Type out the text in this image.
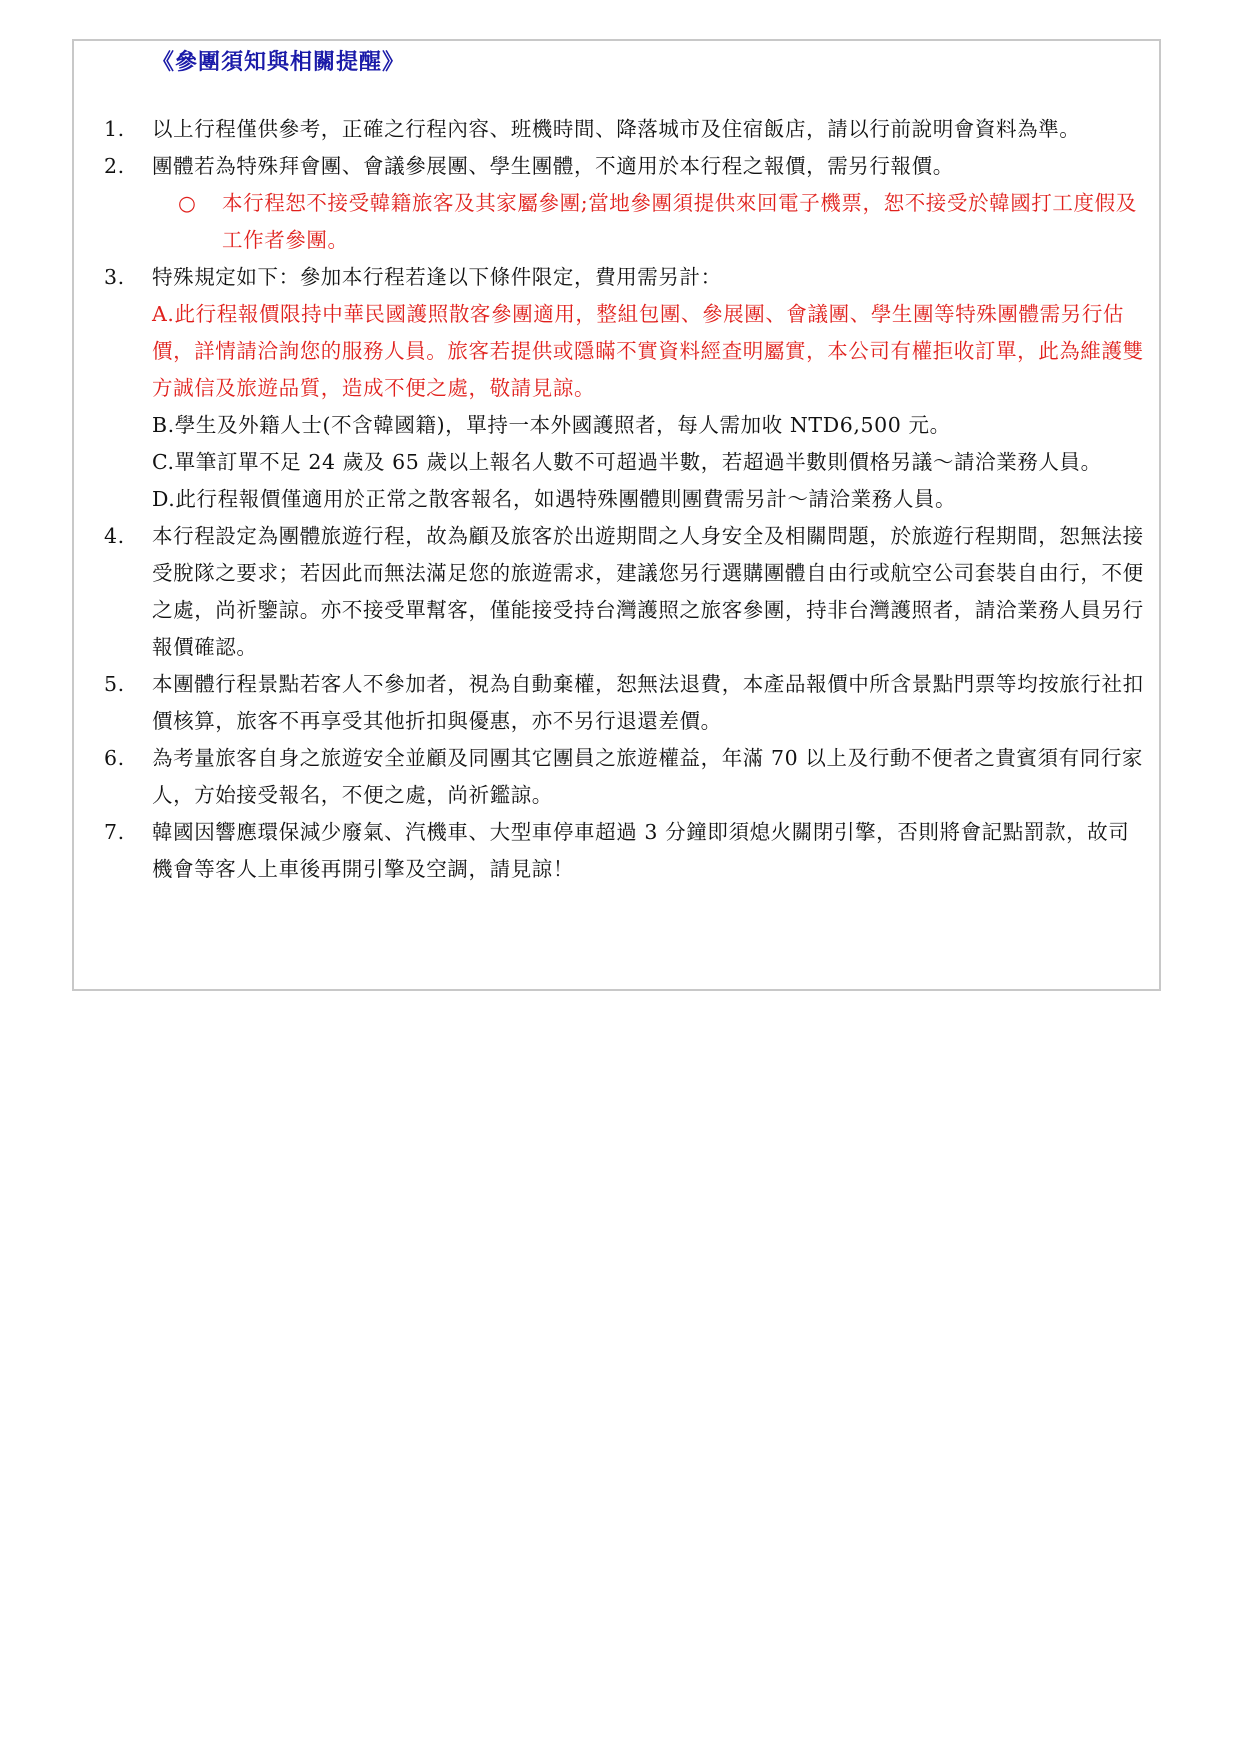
《參團須知與相關提醒》
1.	以上行程僅供參考，正確之行程內容、班機時間、降落城市及住宿飯店，請以行前說明會資料為準。
2.	團體若為特殊拜會團、會議參展團、學生團體，不適用於本行程之報價，需另行報價。
○ 本行程恕不接受韓籍旅客及其家屬參團;當地參團須提供來回電子機票，恕不接受於韓國打工度假及工作者參團。
3.	特殊規定如下：參加本行程若逢以下條件限定，費用需另計：
A.此行程報價限持中華民國護照散客參團適用，整組包團、參展團、會議團、學生團等特殊團體需另行估價，詳情請洽詢您的服務人員。旅客若提供或隱瞞不實資料經查明屬實，本公司有權拒收訂單，此為維護雙方誠信及旅遊品質，造成不便之處，敬請見諒。
B.學生及外籍人士(不含韓國籍)，單持一本外國護照者，每人需加收 NTD6,500 元。
C.單筆訂單不足 24 歲及 65 歲以上報名人數不可超過半數，若超過半數則價格另議～請洽業務人員。
D.此行程報價僅適用於正常之散客報名，如遇特殊團體則團費需另計～請洽業務人員。
4.	本行程設定為團體旅遊行程，故為顧及旅客於出遊期間之人身安全及相關問題，於旅遊行程期間，恕無法接受脫隊之要求；若因此而無法滿足您的旅遊需求，建議您另行選購團體自由行或航空公司套裝自由行，不便之處，尚祈鑒諒。亦不接受單幫客，僅能接受持台灣護照之旅客參團，持非台灣護照者，請洽業務人員另行報價確認。
5.	本團體行程景點若客人不參加者，視為自動棄權，恕無法退費，本產品報價中所含景點門票等均按旅行社扣價核算，旅客不再享受其他折扣與優惠，亦不另行退還差價。
6.	為考量旅客自身之旅遊安全並顧及同團其它團員之旅遊權益，年滿 70 以上及行動不便者之貴賓須有同行家人，方始接受報名，不便之處，尚祈鑑諒。
7.	韓國因響應環保減少廢氣、汽機車、大型車停車超過 3 分鐘即須熄火關閉引擎，否則將會記點罰款，故司機會等客人上車後再開引擎及空調，請見諒！
